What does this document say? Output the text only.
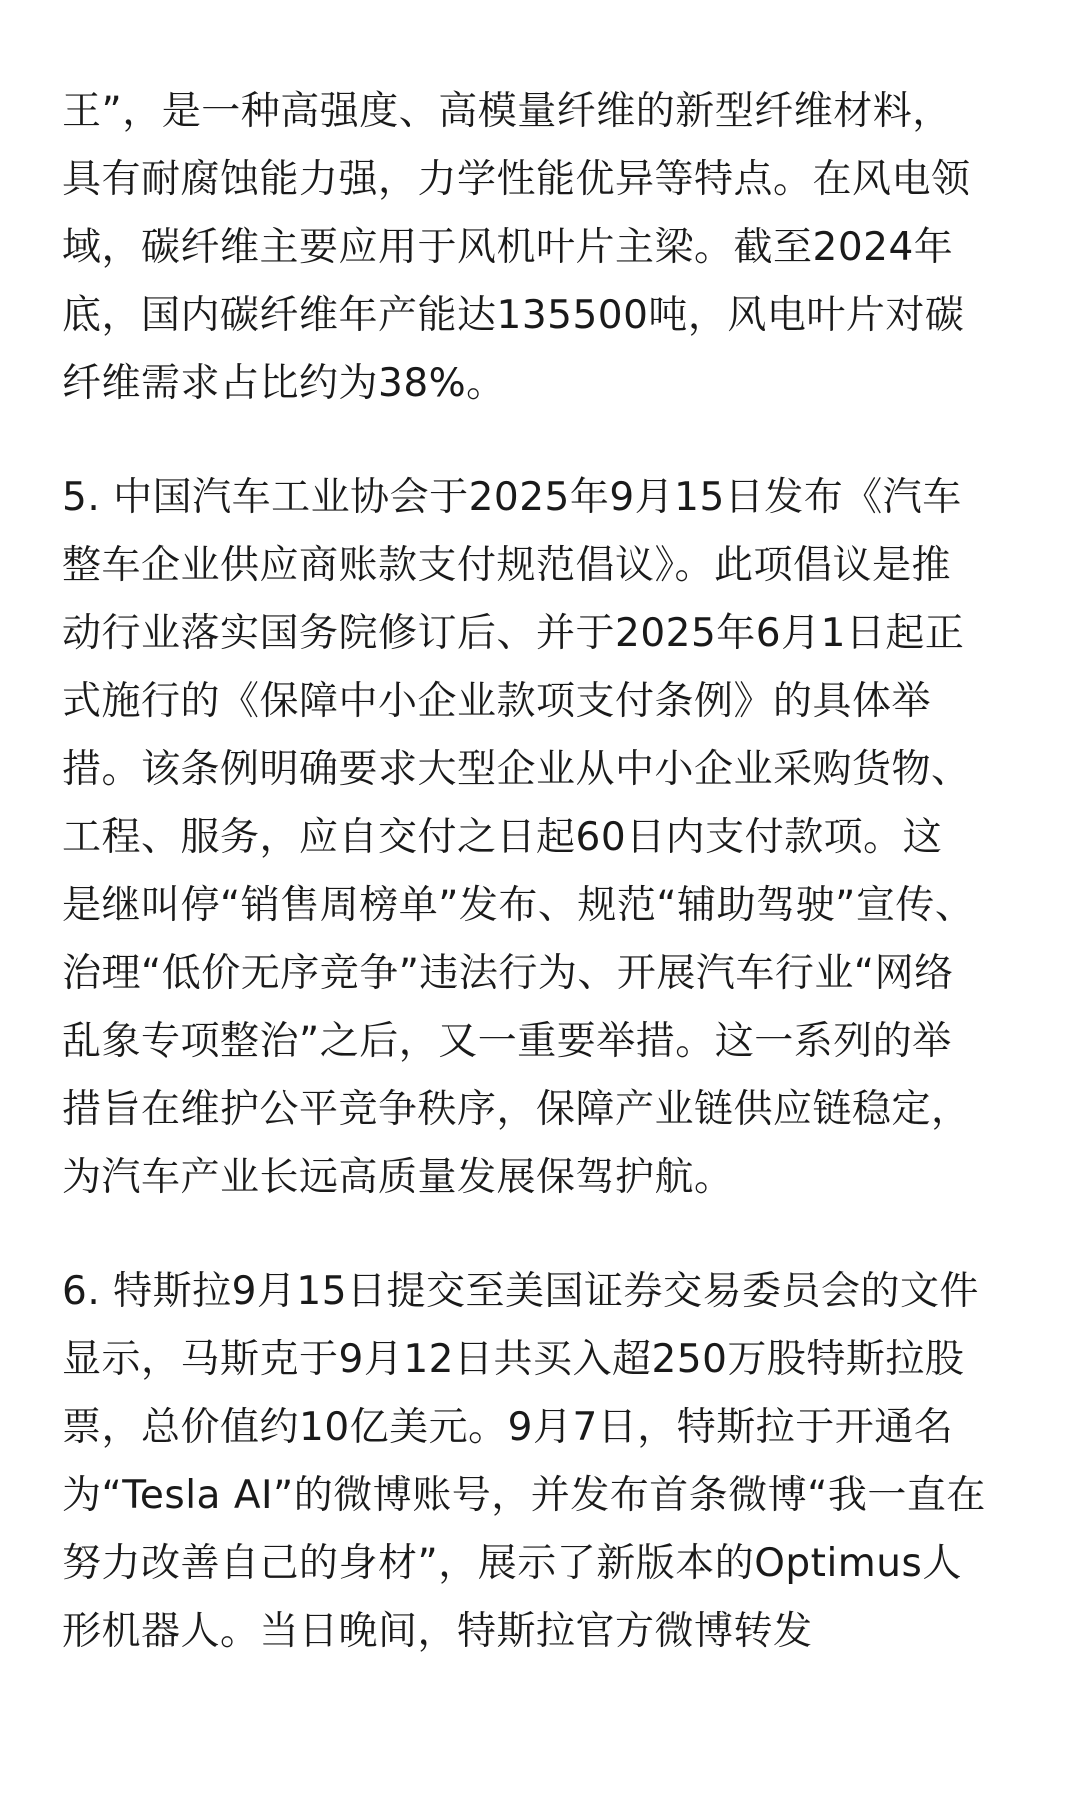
王”，是一种高强度、高模量纤维的新型纤维材料，
具有耐腐蚀能力强，力学性能优异等特点。在风电领
域，碳纤维主要应用于风机叶片主梁。截至2024年
底，国内碳纤维年产能达135500吨，风电叶片对碳
纤维需求占比约为38%。
5. 中国汽车工业协会于2025年9月15日发布《汽车
整车企业供应商账款支付规范倡议》。此项倡议是推
动行业落实国务院修订后、并于2025年6月1日起正
式施行的《保障中小企业款项支付条例》的具体举
措。该条例明确要求大型企业从中小企业采购货物、
工程、服务，应自交付之日起60日内支付款项。这
是继叫停“销售周榜单”发布、规范“辅助驾驶”宣传、
治理“低价无序竞争”违法行为、开展汽车行业“网络
乱象专项整治”之后，又一重要举措。这一系列的举
措旨在维护公平竞争秩序，保障产业链供应链稳定，
为汽车产业长远高质量发展保驾护航。
6. 特斯拉9月15日提交至美国证券交易委员会的文件
显示，马斯克于9月12日共买入超250万股特斯拉股
票，总价值约10亿美元。9月7日，特斯拉于开通名
为“Tesla AI”的微博账号，并发布首条微博“我一直在
努力改善自己的身材”，展示了新版本的Optimus人
形机器人。当日晚间，特斯拉官方微博转发
